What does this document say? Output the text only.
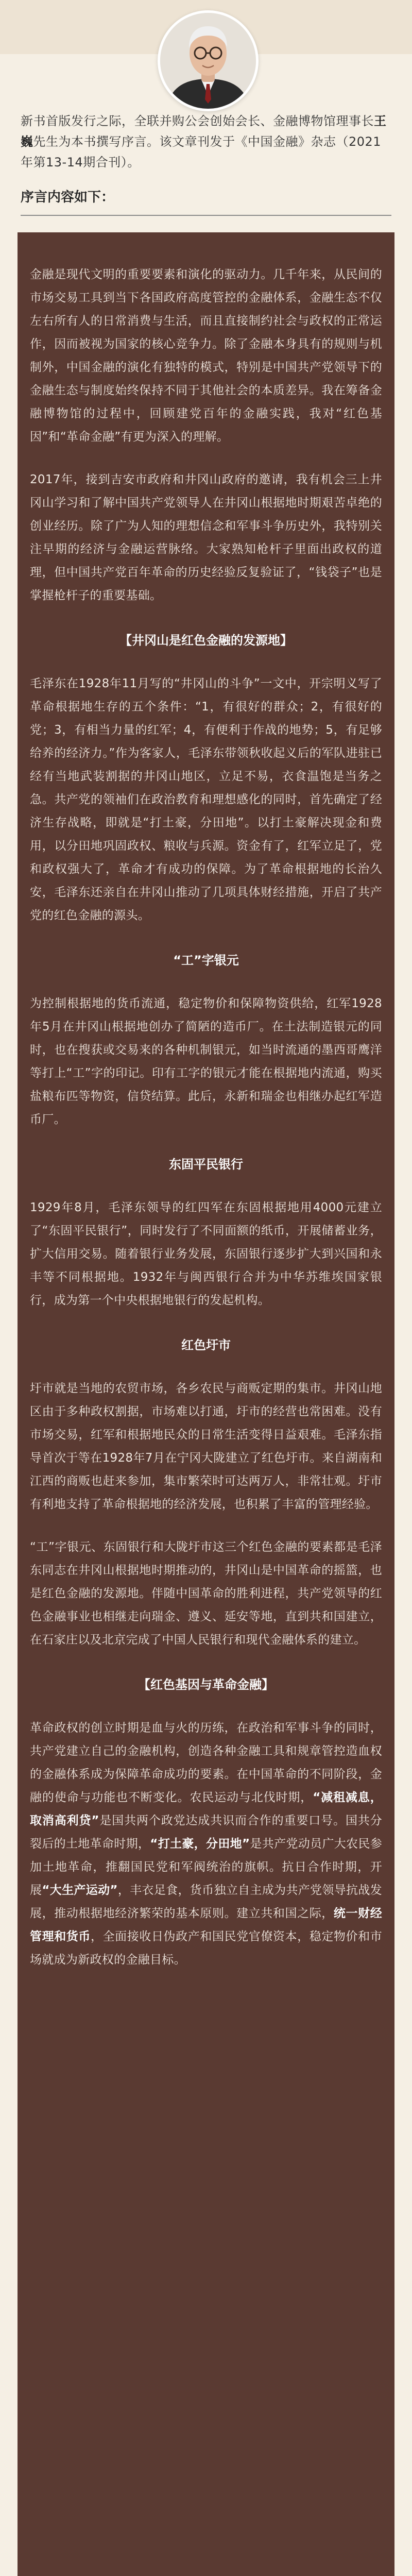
新书首版发行之际，全联并购公会创始会长、金融博物馆理事长王巍先生为本书撰写序言。该文章刊发于《中国金融》杂志（2021年第13-14期合刊）。
序言内容如下：

金融是现代文明的重要要素和演化的驱动力。几千年来，从民间的市场交易工具到当下各国政府高度管控的金融体系，金融生态不仅左右所有人的日常消费与生活，而且直接制约社会与政权的正常运作，因而被视为国家的核心竞争力。除了金融本身具有的规则与机制外，中国金融的演化有独特的模式，特别是中国共产党领导下的金融生态与制度始终保持不同于其他社会的本质差异。我在筹备金融博物馆的过程中，回顾建党百年的金融实践，我对“红色基因”和“革命金融”有更为深入的理解。

2017年，接到吉安市政府和井冈山政府的邀请，我有机会三上井冈山学习和了解中国共产党领导人在井冈山根据地时期艰苦卓绝的创业经历。除了广为人知的理想信念和军事斗争历史外，我特别关注早期的经济与金融运营脉络。大家熟知枪杆子里面出政权的道理，但中国共产党百年革命的历史经验反复验证了，“钱袋子”也是掌握枪杆子的重要基础。

【井冈山是红色金融的发源地】

毛泽东在1928年11月写的“井冈山的斗争”一文中，开宗明义写了革命根据地生存的五个条件：“1，有很好的群众；2，有很好的党；3，有相当力量的红军；4，有便利于作战的地势；5，有足够给养的经济力。”作为客家人，毛泽东带领秋收起义后的军队进驻已经有当地武装割据的井冈山地区，立足不易，衣食温饱是当务之急。共产党的领袖们在政治教育和理想感化的同时，首先确定了经济生存战略，即就是“打土豪，分田地”。以打土豪解决现金和费用，以分田地巩固政权、粮收与兵源。资金有了，红军立足了，党和政权强大了，革命才有成功的保障。为了革命根据地的长治久安，毛泽东还亲自在井冈山推动了几项具体财经措施，开启了共产党的红色金融的源头。

“工”字银元

为控制根据地的货币流通，稳定物价和保障物资供给，红军1928年5月在井冈山根据地创办了简陋的造币厂。在土法制造银元的同时，也在搜获或交易来的各种机制银元，如当时流通的墨西哥鹰洋等打上“工”字的印记。印有工字的银元才能在根据地内流通，购买盐粮布匹等物资，信贷结算。此后，永新和瑞金也相继办起红军造币厂。

东固平民银行

1929年8月，毛泽东领导的红四军在东固根据地用4000元建立了“东固平民银行”，同时发行了不同面额的纸币，开展储蓄业务，扩大信用交易。随着银行业务发展，东固银行逐步扩大到兴国和永丰等不同根据地。1932年与闽西银行合并为中华苏维埃国家银行，成为第一个中央根据地银行的发起机构。

红色圩市

圩市就是当地的农贸市场，各乡农民与商贩定期的集市。井冈山地区由于多种政权割据，市场难以打通，圩市的经营也常困难。没有市场交易，红军和根据地民众的日常生活变得日益艰难。毛泽东指导首次于等在1928年7月在宁冈大陇建立了红色圩市。来自湖南和江西的商贩也赶来参加，集市繁荣时可达两万人，非常壮观。圩市有利地支持了革命根据地的经济发展，也积累了丰富的管理经验。

“工”字银元、东固银行和大陇圩市这三个红色金融的要素都是毛泽东同志在井冈山根据地时期推动的，井冈山是中国革命的摇篮，也是红色金融的发源地。伴随中国革命的胜利进程，共产党领导的红色金融事业也相继走向瑞金、遵义、延安等地，直到共和国建立，在石家庄以及北京完成了中国人民银行和现代金融体系的建立。

【红色基因与革命金融】

革命政权的创立时期是血与火的历练，在政治和军事斗争的同时，共产党建立自己的金融机构，创造各种金融工具和规章管控造血权的金融体系成为保障革命成功的要素。在中国革命的不同阶段，金融的使命与功能也不断变化。农民运动与北伐时期，“减租减息，取消高利贷”是国共两个政党达成共识而合作的重要口号。国共分裂后的土地革命时期，“打土豪，分田地”是共产党动员广大农民参加土地革命，推翻国民党和军阀统治的旗帜。抗日合作时期，开展“大生产运动”，丰衣足食，货币独立自主成为共产党领导抗战发展，推动根据地经济繁荣的基本原则。建立共和国之际，统一财经管理和货币，全面接收日伪政产和国民党官僚资本，稳定物价和市场就成为新政权的金融目标。
